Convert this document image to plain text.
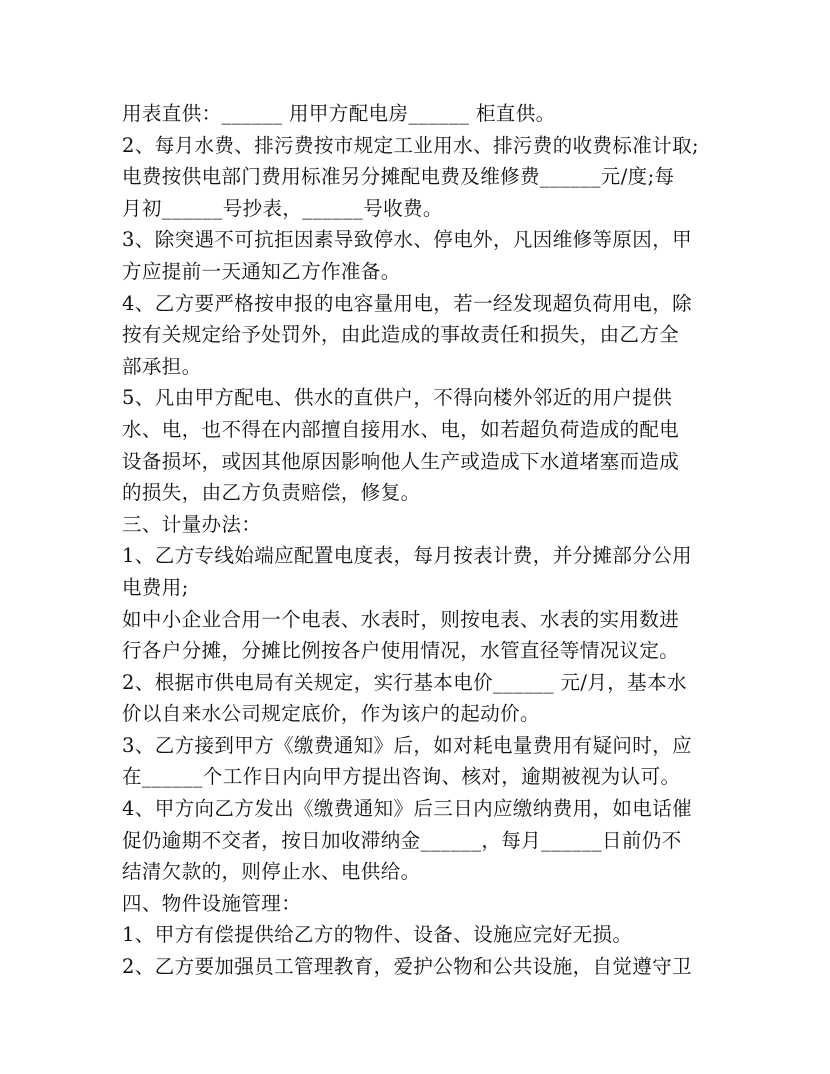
用表直供：______ 用甲方配电房______ 柜直供。
2、每月水费、排污费按市规定工业用水、排污费的收费标准计取;
电费按供电部门费用标准另分摊配电费及维修费______元/度;每
月初______号抄表，______号收费。
3、除突遇不可抗拒因素导致停水、停电外，凡因维修等原因，甲
方应提前一天通知乙方作准备。
4、乙方要严格按申报的电容量用电，若一经发现超负荷用电，除
按有关规定给予处罚外，由此造成的事故责任和损失，由乙方全
部承担。
5、凡由甲方配电、供水的直供户，不得向楼外邻近的用户提供
水、电，也不得在内部擅自接用水、电，如若超负荷造成的配电
设备损坏，或因其他原因影响他人生产或造成下水道堵塞而造成
的损失，由乙方负责赔偿，修复。
三、计量办法：
1、乙方专线始端应配置电度表，每月按表计费，并分摊部分公用
电费用;
如中小企业合用一个电表、水表时，则按电表、水表的实用数进
行各户分摊，分摊比例按各户使用情况，水管直径等情况议定。
2、根据市供电局有关规定，实行基本电价______ 元/月，基本水
价以自来水公司规定底价，作为该户的起动价。
3、乙方接到甲方《缴费通知》后，如对耗电量费用有疑问时，应
在______个工作日内向甲方提出咨询、核对，逾期被视为认可。
4、甲方向乙方发出《缴费通知》后三日内应缴纳费用，如电话催
促仍逾期不交者，按日加收滞纳金______，每月______日前仍不
结清欠款的，则停止水、电供给。
四、物件设施管理：
1、甲方有偿提供给乙方的物件、设备、设施应完好无损。
2、乙方要加强员工管理教育，爱护公物和公共设施，自觉遵守卫
